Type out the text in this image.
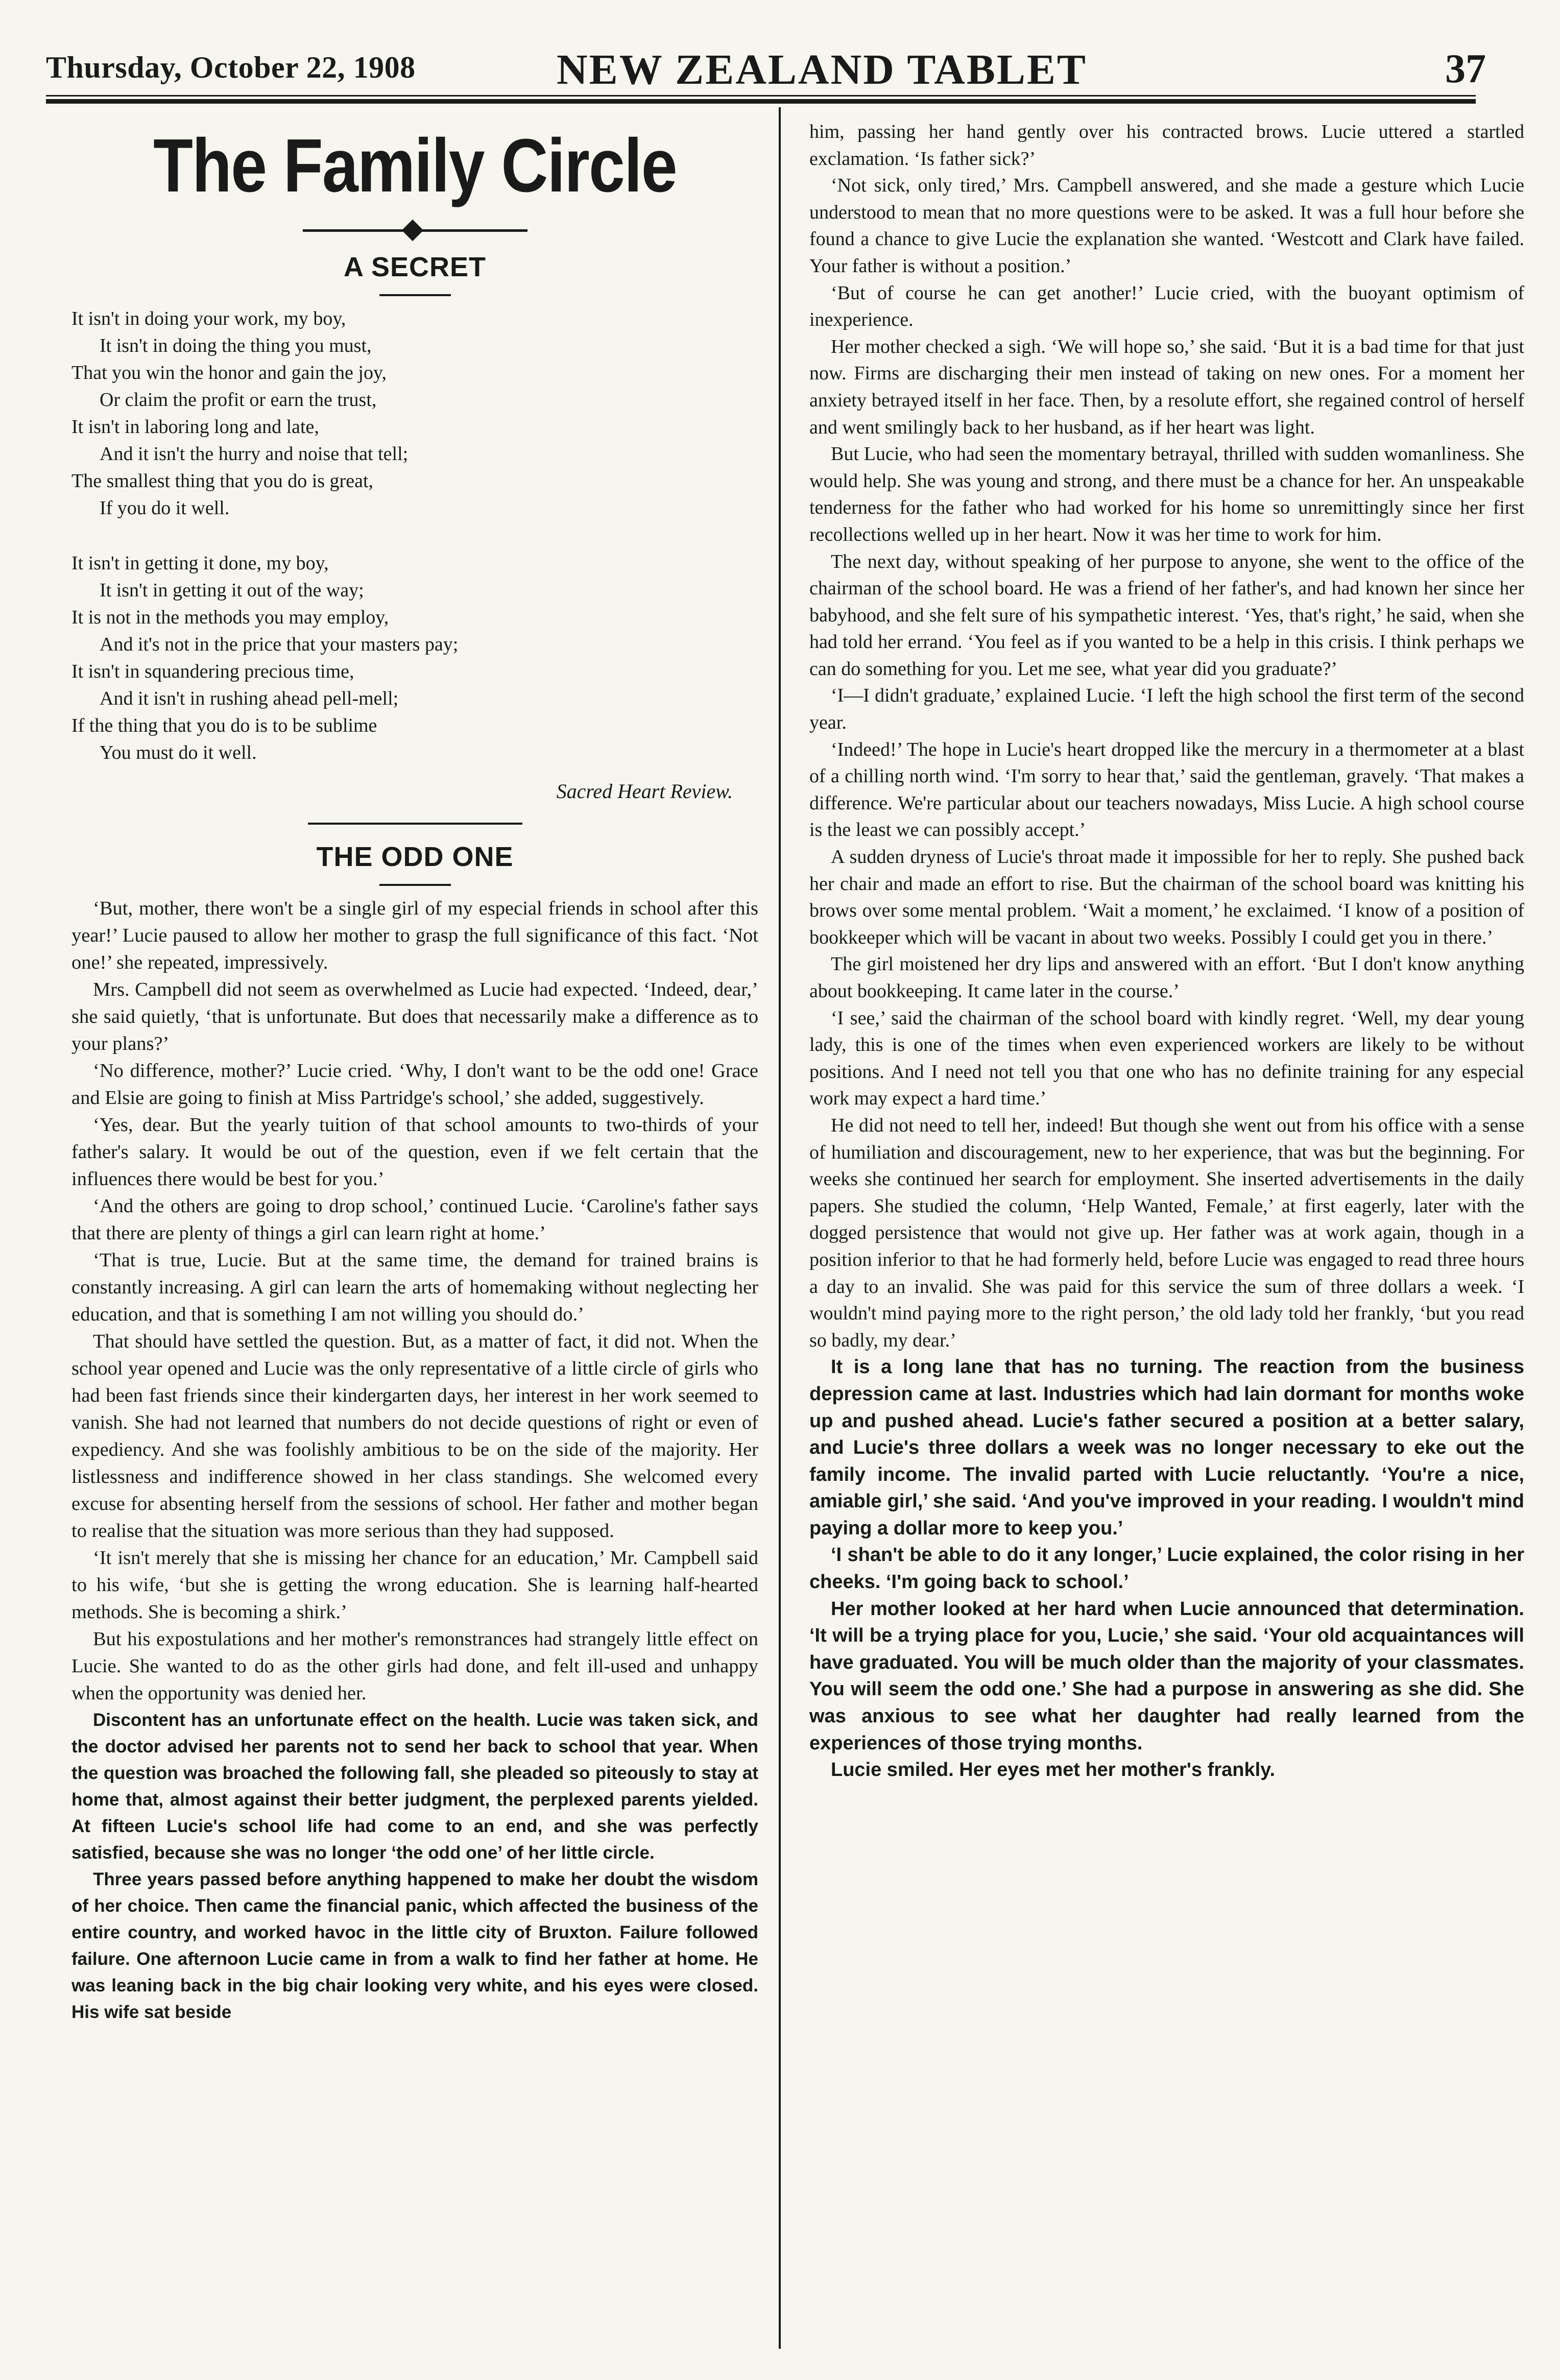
Thursday, October 22, 1908	NEW ZEALAND TABLET	37
The Family Circle
A SECRET
It isn't in doing your work, my boy,
It isn't in doing the thing you must,
That you win the honor and gain the joy,
Or claim the profit or earn the trust,
It isn't in laboring long and late,
And it isn't the hurry and noise that tell;
The smallest thing that you do is great,
If you do it well.
It isn't in getting it done, my boy,
It isn't in getting it out of the way;
It is not in the methods you may employ,
And it's not in the price that your masters pay;
It isn't in squandering precious time,
And it isn't in rushing ahead pell-mell;
If the thing that you do is to be sublime
You must do it well.
Sacred Heart Review.
THE ODD ONE

‘But, mother, there won't be a single girl of my especial friends in school after this year!’ Lucie paused to allow her mother to grasp the full significance of this fact. ‘Not one!’ she repeated, impressively.

Mrs. Campbell did not seem as overwhelmed as Lucie had expected. ‘Indeed, dear,’ she said quietly, ‘that is unfortunate. But does that necessarily make a difference as to your plans?’

‘No difference, mother?’ Lucie cried. ‘Why, I don't want to be the odd one! Grace and Elsie are going to finish at Miss Partridge's school,’ she added, suggestively.

‘Yes, dear. But the yearly tuition of that school amounts to two-thirds of your father's salary. It would be out of the question, even if we felt certain that the influences there would be best for you.’

‘And the others are going to drop school,’ continued Lucie. ‘Caroline's father says that there are plenty of things a girl can learn right at home.’

‘That is true, Lucie. But at the same time, the demand for trained brains is constantly increasing. A girl can learn the arts of homemaking without neglecting her education, and that is something I am not willing you should do.’

That should have settled the question. But, as a matter of fact, it did not. When the school year opened and Lucie was the only representative of a little circle of girls who had been fast friends since their kindergarten days, her interest in her work seemed to vanish. She had not learned that numbers do not decide questions of right or even of expediency. And she was foolishly ambitious to be on the side of the majority. Her listlessness and indifference showed in her class standings. She welcomed every excuse for absenting herself from the sessions of school. Her father and mother began to realise that the situation was more serious than they had supposed.

‘It isn't merely that she is missing her chance for an education,’ Mr. Campbell said to his wife, ‘but she is getting the wrong education. She is learning half-hearted methods. She is becoming a shirk.’

But his expostulations and her mother's remonstrances had strangely little effect on Lucie. She wanted to do as the other girls had done, and felt ill-used and unhappy when the opportunity was denied her.

Discontent has an unfortunate effect on the health. Lucie was taken sick, and the doctor advised her parents not to send her back to school that year. When the question was broached the following fall, she pleaded so piteously to stay at home that, almost against their better judgment, the perplexed parents yielded. At fifteen Lucie's school life had come to an end, and she was perfectly satisfied, because she was no longer ‘the odd one’ of her little circle.

Three years passed before anything happened to make her doubt the wisdom of her choice. Then came the financial panic, which affected the business of the entire country, and worked havoc in the little city of Bruxton. Failure followed failure. One afternoon Lucie came in from a walk to find her father at home. He was leaning back in the big chair looking very white, and his eyes were closed. His wife sat beside

him, passing her hand gently over his contracted brows. Lucie uttered a startled exclamation. ‘Is father sick?’

‘Not sick, only tired,’ Mrs. Campbell answered, and she made a gesture which Lucie understood to mean that no more questions were to be asked. It was a full hour before she found a chance to give Lucie the explanation she wanted. ‘Westcott and Clark have failed. Your father is without a position.’

‘But of course he can get another!’ Lucie cried, with the buoyant optimism of inexperience.

Her mother checked a sigh. ‘We will hope so,’ she said. ‘But it is a bad time for that just now. Firms are discharging their men instead of taking on new ones. For a moment her anxiety betrayed itself in her face. Then, by a resolute effort, she regained control of herself and went smilingly back to her husband, as if her heart was light.

But Lucie, who had seen the momentary betrayal, thrilled with sudden womanliness. She would help. She was young and strong, and there must be a chance for her. An unspeakable tenderness for the father who had worked for his home so unremittingly since her first recollections welled up in her heart. Now it was her time to work for him.

The next day, without speaking of her purpose to anyone, she went to the office of the chairman of the school board. He was a friend of her father's, and had known her since her babyhood, and she felt sure of his sympathetic interest. ‘Yes, that's right,’ he said, when she had told her errand. ‘You feel as if you wanted to be a help in this crisis. I think perhaps we can do something for you. Let me see, what year did you graduate?’

‘I—I didn't graduate,’ explained Lucie. ‘I left the high school the first term of the second year.

‘Indeed!’ The hope in Lucie's heart dropped like the mercury in a thermometer at a blast of a chilling north wind. ‘I'm sorry to hear that,’ said the gentleman, gravely. ‘That makes a difference. We're particular about our teachers nowadays, Miss Lucie. A high school course is the least we can possibly accept.’

A sudden dryness of Lucie's throat made it impossible for her to reply. She pushed back her chair and made an effort to rise. But the chairman of the school board was knitting his brows over some mental problem. ‘Wait a moment,’ he exclaimed. ‘I know of a position of bookkeeper which will be vacant in about two weeks. Possibly I could get you in there.’

The girl moistened her dry lips and answered with an effort. ‘But I don't know anything about bookkeeping. It came later in the course.’

‘I see,’ said the chairman of the school board with kindly regret. ‘Well, my dear young lady, this is one of the times when even experienced workers are likely to be without positions. And I need not tell you that one who has no definite training for any especial work may expect a hard time.’

He did not need to tell her, indeed! But though she went out from his office with a sense of humiliation and discouragement, new to her experience, that was but the beginning. For weeks she continued her search for employment. She inserted advertisements in the daily papers. She studied the column, ‘Help Wanted, Female,’ at first eagerly, later with the dogged persistence that would not give up. Her father was at work again, though in a position inferior to that he had formerly held, before Lucie was engaged to read three hours a day to an invalid. She was paid for this service the sum of three dollars a week. ‘I wouldn't mind paying more to the right person,’ the old lady told her frankly, ‘but you read so badly, my dear.’

It is a long lane that has no turning. The reaction from the business depression came at last. Industries which had lain dormant for months woke up and pushed ahead. Lucie's father secured a position at a better salary, and Lucie's three dollars a week was no longer necessary to eke out the family income. The invalid parted with Lucie reluctantly. ‘You're a nice, amiable girl,’ she said. ‘And you've improved in your reading. I wouldn't mind paying a dollar more to keep you.’

‘I shan't be able to do it any longer,’ Lucie explained, the color rising in her cheeks. ‘I'm going back to school.’

Her mother looked at her hard when Lucie announced that determination. ‘It will be a trying place for you, Lucie,’ she said. ‘Your old acquaintances will have graduated. You will be much older than the majority of your classmates. You will seem the odd one.’ She had a purpose in answering as she did. She was anxious to see what her daughter had really learned from the experiences of those trying months.

Lucie smiled. Her eyes met her mother's frankly.
